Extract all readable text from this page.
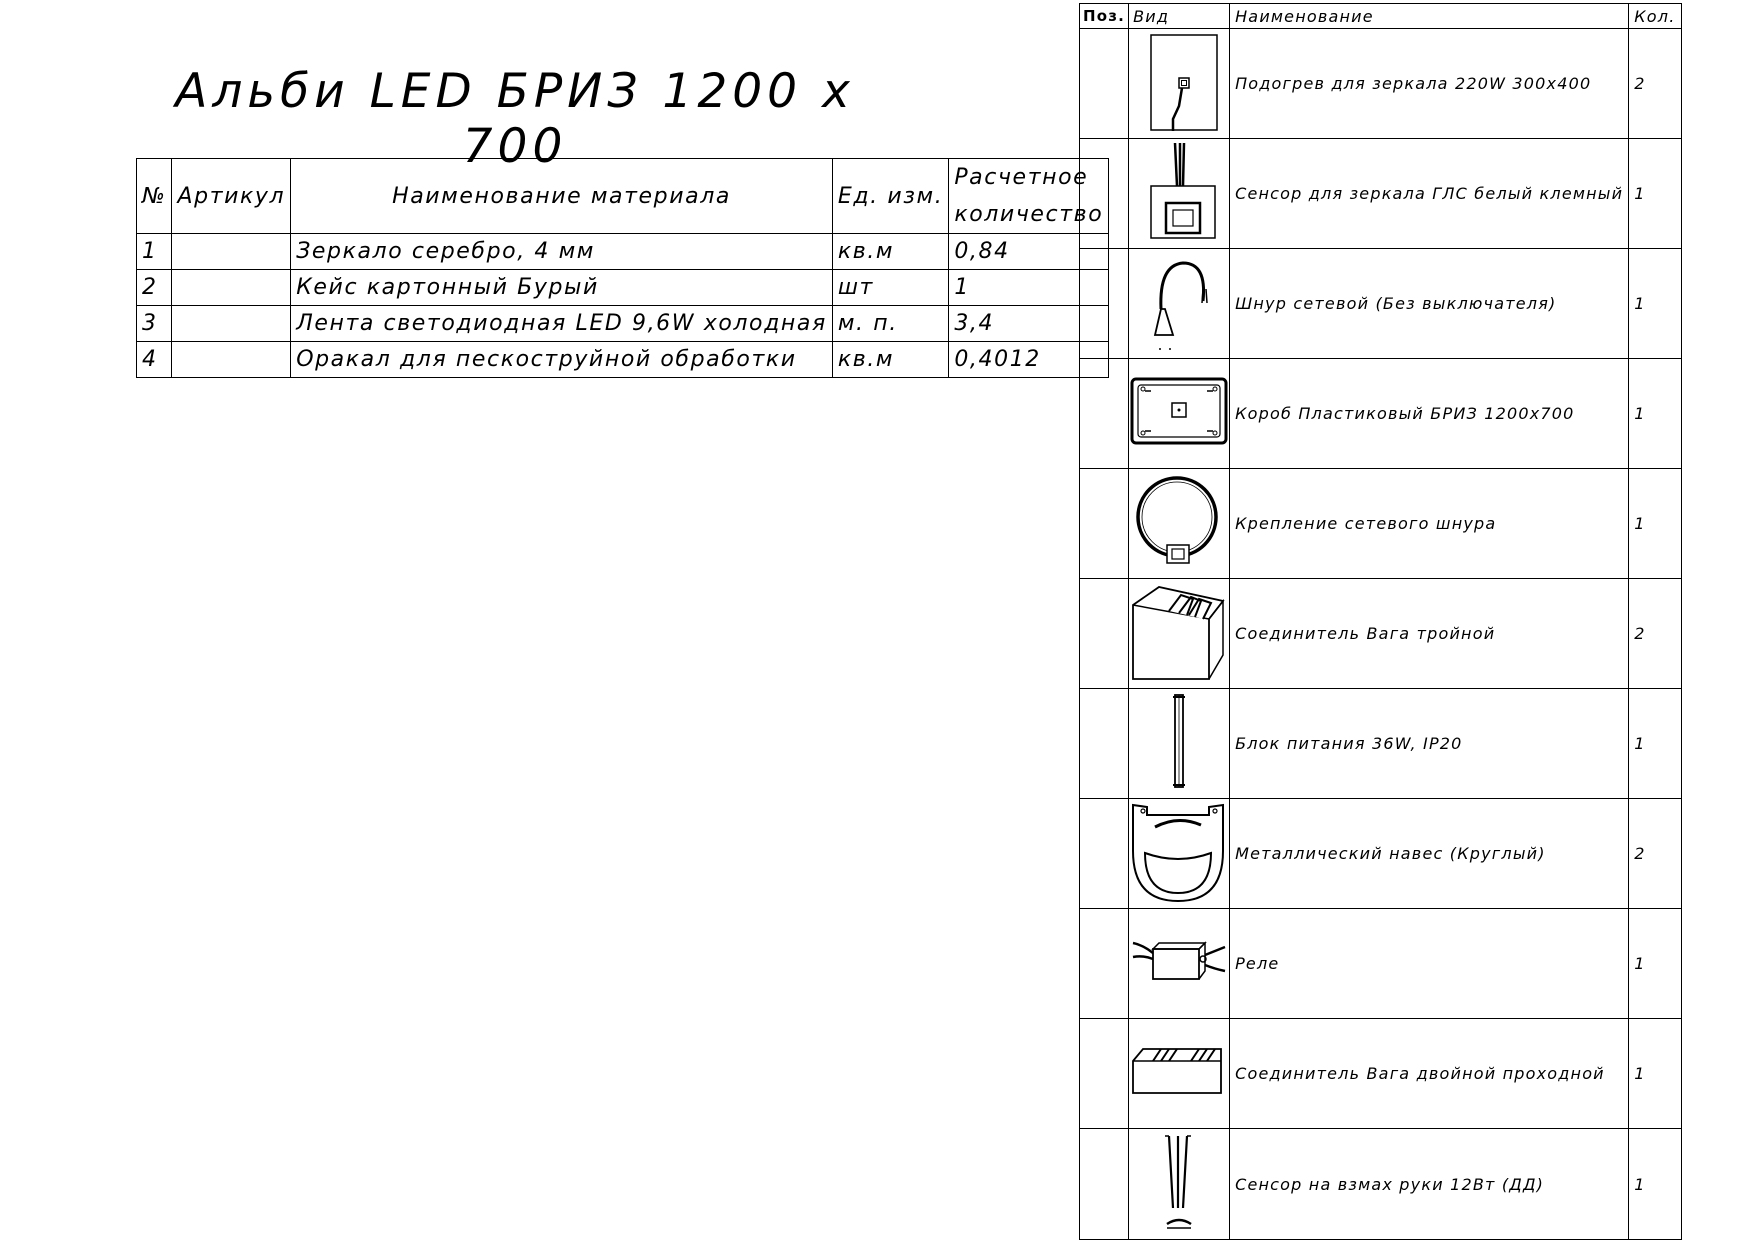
Альби LED БРИЗ 1200 x 700
№	Артикул	Наименование материала	Ед. изм.	Расчетное
количество

1		Зеркало серебро, 4 мм	кв.м	0,84
2		Кейс картонный Бурый	шт	1
3		Лента светодиодная LED 9,6W холодная	м. п.	3,4
4		Оракал для пескоструйной обработки	кв.м	0,4012
Поз.	Вид	Наименование	Кол.

	Подогрев для зеркала 220W 300x400	2

	Сенсор для зеркала ГЛС белый клемный	1

	Шнур сетевой (Без выключателя)	1

	Короб Пластиковый БРИЗ 1200x700	1

	Крепление сетевого шнура	1

	Соединитель Вага тройной	2

	Блок питания 36W, IP20	1

	Металлический навес (Круглый)	2

	Реле	1

	Соединитель Вага двойной проходной	1

	Сенсор на взмах руки 12Вт (ДД)	1
